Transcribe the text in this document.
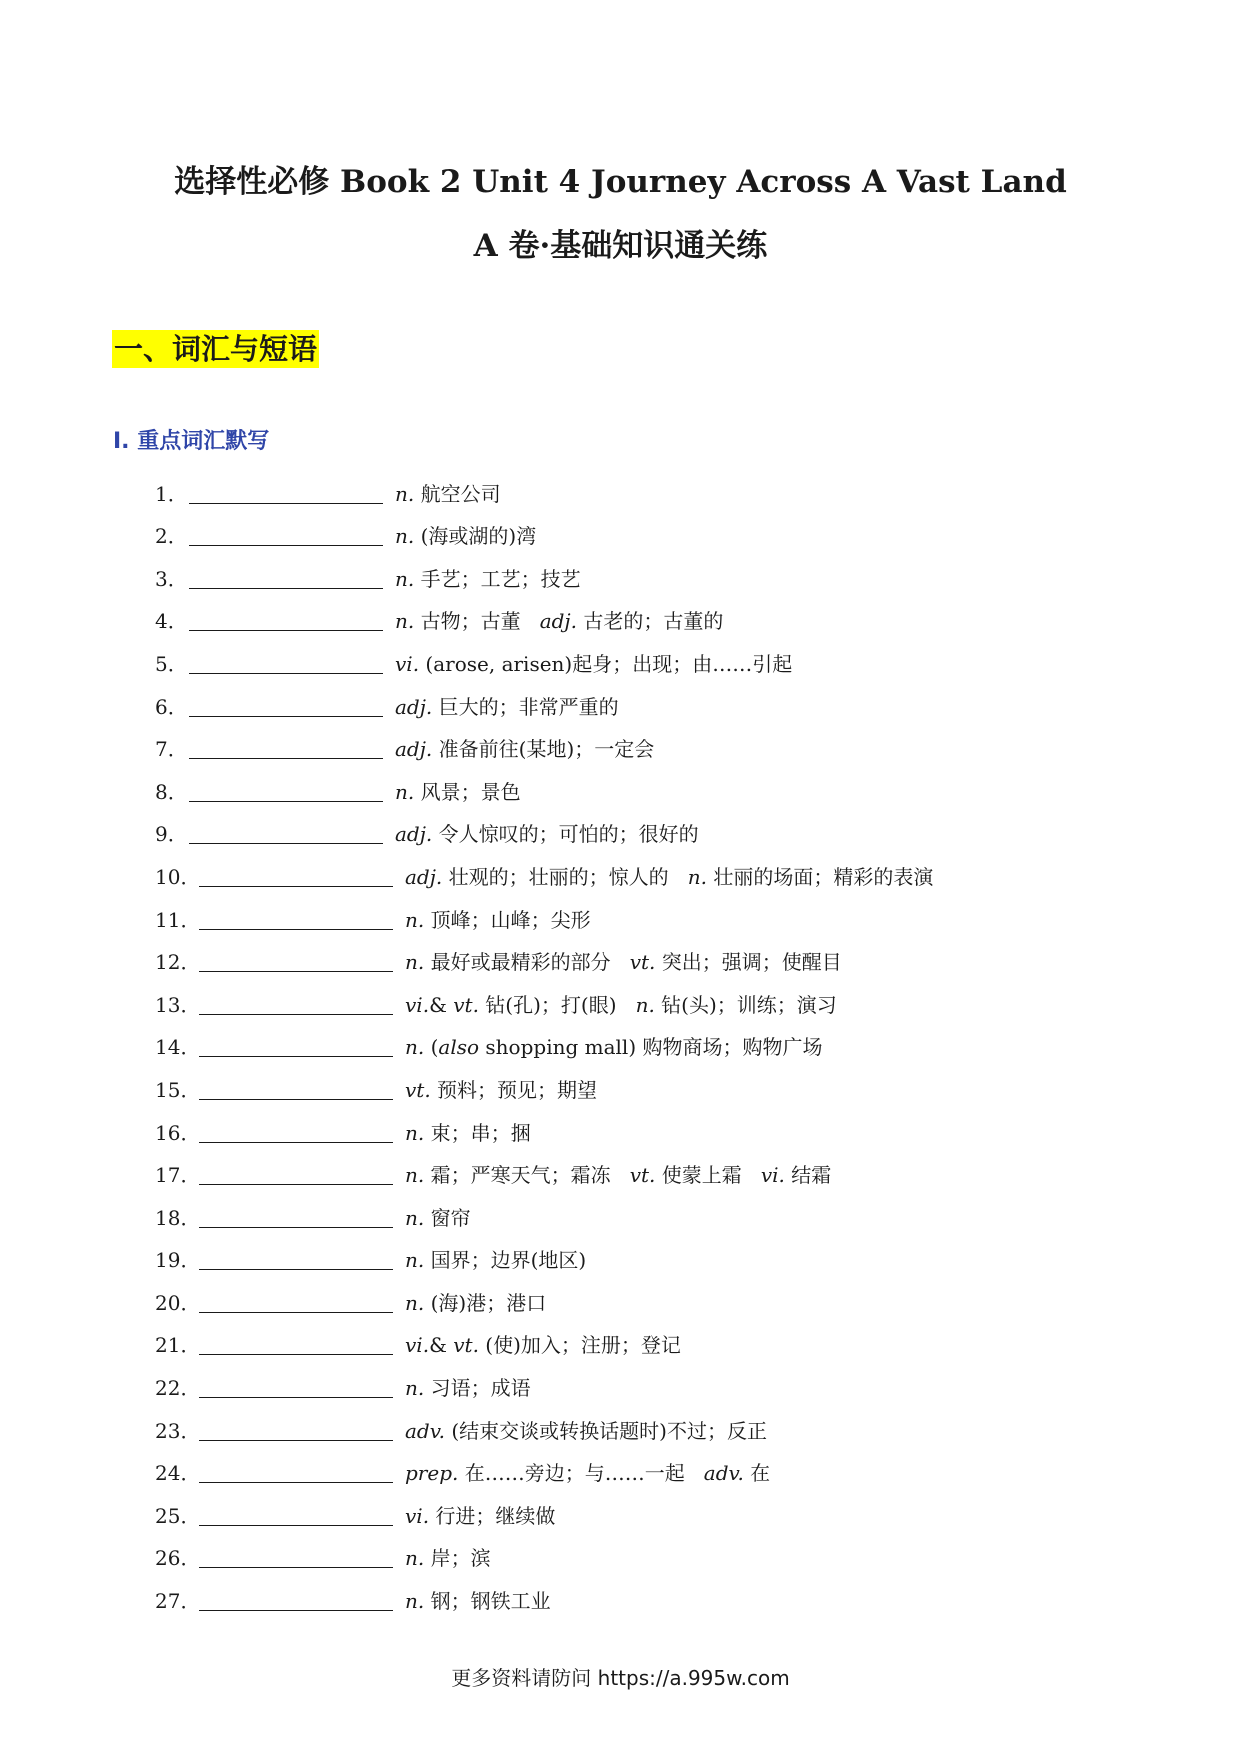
选择性必修 Book 2 Unit 4 Journey Across A Vast Land
A 卷·基础知识通关练
一、词汇与短语
I. 重点词汇默写
1．	n. 航空公司
2．	n. (海或湖的)湾
3．	n. 手艺；工艺；技艺
4．	n. 古物；古董   adj. 古老的；古董的
5．	vi. (arose, arisen)起身；出现；由……引起
6．	adj. 巨大的；非常严重的
7．	adj. 准备前往(某地)；一定会
8．	n. 风景；景色
9．	adj. 令人惊叹的；可怕的；很好的
10．	adj. 壮观的；壮丽的；惊人的   n. 壮丽的场面；精彩的表演
11．	n. 顶峰；山峰；尖形
12．	n. 最好或最精彩的部分   vt. 突出；强调；使醒目
13．	vi.& vt. 钻(孔)；打(眼)   n. 钻(头)；训练；演习
14．	n. (also shopping mall) 购物商场；购物广场
15．	vt. 预料；预见；期望
16．	n. 束；串；捆
17．	n. 霜；严寒天气；霜冻   vt. 使蒙上霜   vi. 结霜
18．	n. 窗帘
19．	n. 国界；边界(地区)
20．	n. (海)港；港口
21．	vi.& vt. (使)加入；注册；登记
22．	n. 习语；成语
23．	adv. (结束交谈或转换话题时)不过；反正
24．	prep. 在……旁边；与……一起   adv. 在
25．	vi. 行进；继续做
26．	n. 岸；滨
27．	n. 钢；钢铁工业
更多资料请防问 https://a.995w.com
